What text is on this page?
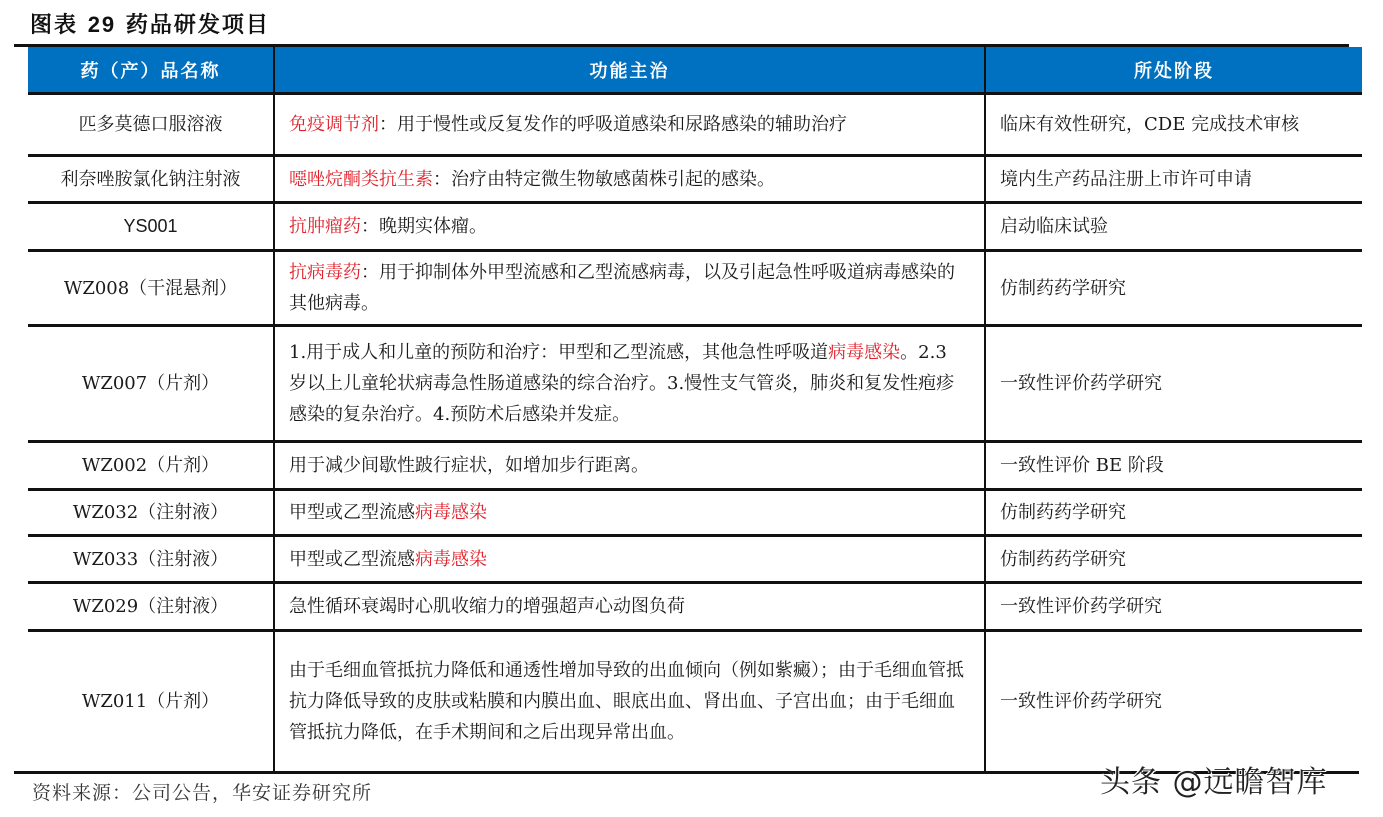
图表 29 药品研发项目
药（产）品名称	功能主治	所处阶段
匹多莫德口服溶液	免疫调节剂：用于慢性或反复发作的呼吸道感染和尿路感染的辅助治疗	临床有效性研究，CDE 完成技术审核
利奈唑胺氯化钠注射液	噁唑烷酮类抗生素：治疗由特定微生物敏感菌株引起的感染。	境内生产药品注册上市许可申请
YS001	抗肿瘤药：晚期实体瘤。	启动临床试验
WZ008（干混悬剂）	抗病毒药：用于抑制体外甲型流感和乙型流感病毒，以及引起急性呼吸道病毒感染的其他病毒。	仿制药药学研究
WZ007（片剂）	1.用于成人和儿童的预防和治疗：甲型和乙型流感，其他急性呼吸道病毒感染。2.3 岁以上儿童轮状病毒急性肠道感染的综合治疗。3.慢性支气管炎，肺炎和复发性疱疹感染的复杂治疗。4.预防术后感染并发症。	一致性评价药学研究
WZ002（片剂）	用于减少间歇性跛行症状，如增加步行距离。	一致性评价 BE 阶段
WZ032（注射液）	甲型或乙型流感病毒感染	仿制药药学研究
WZ033（注射液）	甲型或乙型流感病毒感染	仿制药药学研究
WZ029（注射液）	急性循环衰竭时心肌收缩力的增强超声心动图负荷	一致性评价药学研究
WZ011（片剂）	由于毛细血管抵抗力降低和通透性增加导致的出血倾向（例如紫癜）；由于毛细血管抵抗力降低导致的皮肤或粘膜和内膜出血、眼底出血、肾出血、子宫出血；由于毛细血管抵抗力降低，在手术期间和之后出现异常出血。	一致性评价药学研究
资料来源：公司公告，华安证券研究所	头条 @远瞻智库
